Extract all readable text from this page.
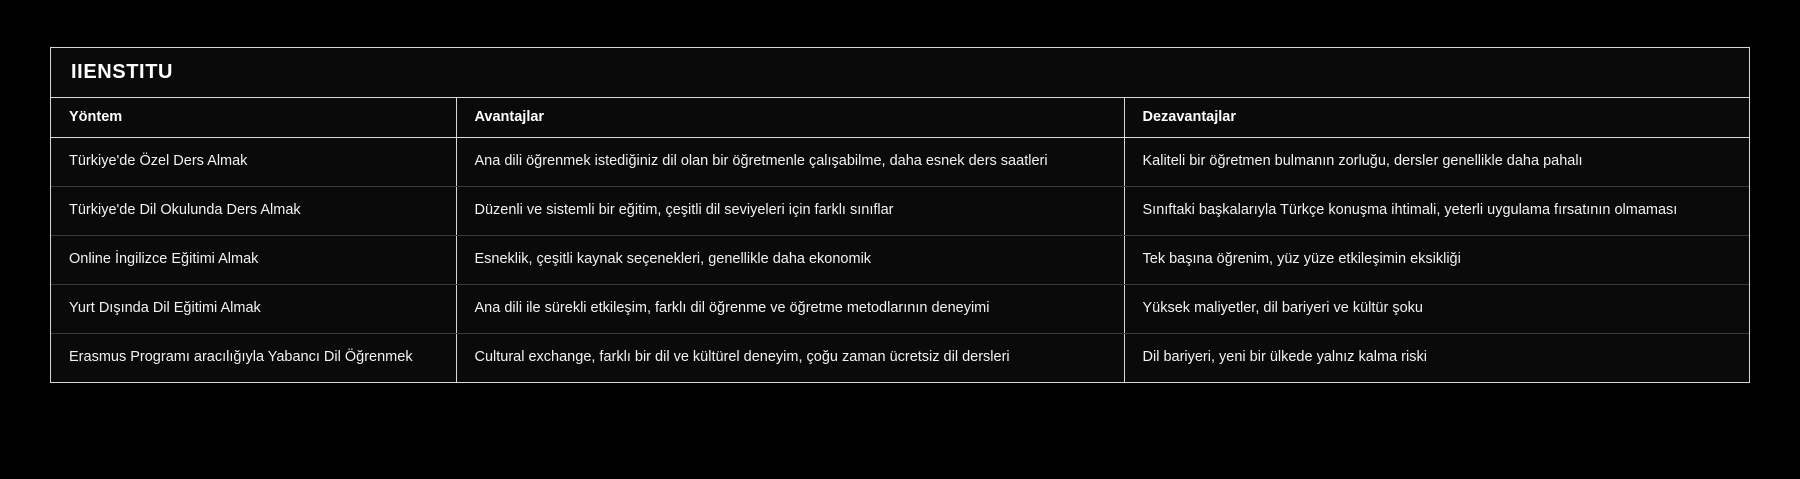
IIENSTITU
Yöntem	Avantajlar	Dezavantajlar
Türkiye'de Özel Ders Almak	Ana dili öğrenmek istediğiniz dil olan bir öğretmenle çalışabilme, daha esnek ders saatleri	Kaliteli bir öğretmen bulmanın zorluğu, dersler genellikle daha pahalı
Türkiye'de Dil Okulunda Ders Almak	Düzenli ve sistemli bir eğitim, çeşitli dil seviyeleri için farklı sınıflar	Sınıftaki başkalarıyla Türkçe konuşma ihtimali, yeterli uygulama fırsatının olmaması
Online İngilizce Eğitimi Almak	Esneklik, çeşitli kaynak seçenekleri, genellikle daha ekonomik	Tek başına öğrenim, yüz yüze etkileşimin eksikliği
Yurt Dışında Dil Eğitimi Almak	Ana dili ile sürekli etkileşim, farklı dil öğrenme ve öğretme metodlarının deneyimi	Yüksek maliyetler, dil bariyeri ve kültür şoku
Erasmus Programı aracılığıyla Yabancı Dil Öğrenmek	Cultural exchange, farklı bir dil ve kültürel deneyim, çoğu zaman ücretsiz dil dersleri	Dil bariyeri, yeni bir ülkede yalnız kalma riski
